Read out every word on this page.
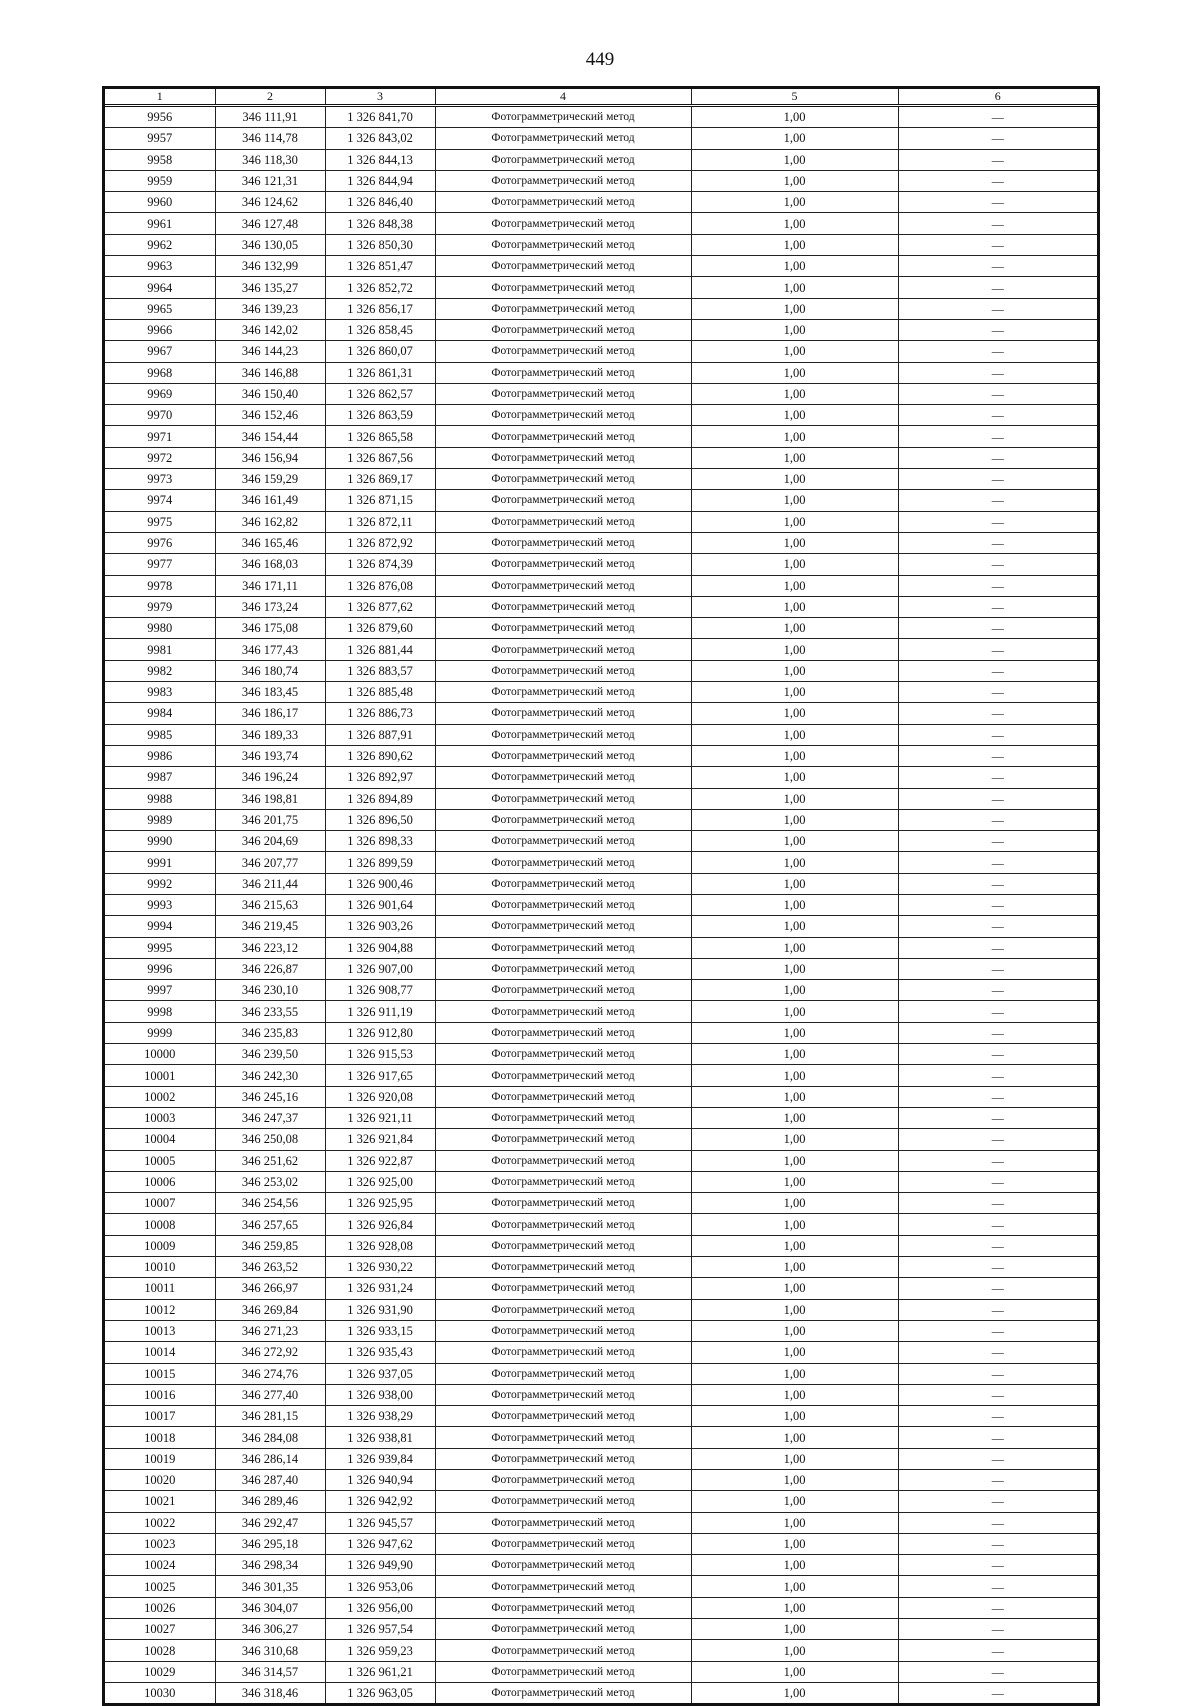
449
1	2	3	4	5	6
9956	346 111,91	1 326 841,70	Фотограмметрический метод	1,00	—
9957	346 114,78	1 326 843,02	Фотограмметрический метод	1,00	—
9958	346 118,30	1 326 844,13	Фотограмметрический метод	1,00	—
9959	346 121,31	1 326 844,94	Фотограмметрический метод	1,00	—
9960	346 124,62	1 326 846,40	Фотограмметрический метод	1,00	—
9961	346 127,48	1 326 848,38	Фотограмметрический метод	1,00	—
9962	346 130,05	1 326 850,30	Фотограмметрический метод	1,00	—
9963	346 132,99	1 326 851,47	Фотограмметрический метод	1,00	—
9964	346 135,27	1 326 852,72	Фотограмметрический метод	1,00	—
9965	346 139,23	1 326 856,17	Фотограмметрический метод	1,00	—
9966	346 142,02	1 326 858,45	Фотограмметрический метод	1,00	—
9967	346 144,23	1 326 860,07	Фотограмметрический метод	1,00	—
9968	346 146,88	1 326 861,31	Фотограмметрический метод	1,00	—
9969	346 150,40	1 326 862,57	Фотограмметрический метод	1,00	—
9970	346 152,46	1 326 863,59	Фотограмметрический метод	1,00	—
9971	346 154,44	1 326 865,58	Фотограмметрический метод	1,00	—
9972	346 156,94	1 326 867,56	Фотограмметрический метод	1,00	—
9973	346 159,29	1 326 869,17	Фотограмметрический метод	1,00	—
9974	346 161,49	1 326 871,15	Фотограмметрический метод	1,00	—
9975	346 162,82	1 326 872,11	Фотограмметрический метод	1,00	—
9976	346 165,46	1 326 872,92	Фотограмметрический метод	1,00	—
9977	346 168,03	1 326 874,39	Фотограмметрический метод	1,00	—
9978	346 171,11	1 326 876,08	Фотограмметрический метод	1,00	—
9979	346 173,24	1 326 877,62	Фотограмметрический метод	1,00	—
9980	346 175,08	1 326 879,60	Фотограмметрический метод	1,00	—
9981	346 177,43	1 326 881,44	Фотограмметрический метод	1,00	—
9982	346 180,74	1 326 883,57	Фотограмметрический метод	1,00	—
9983	346 183,45	1 326 885,48	Фотограмметрический метод	1,00	—
9984	346 186,17	1 326 886,73	Фотограмметрический метод	1,00	—
9985	346 189,33	1 326 887,91	Фотограмметрический метод	1,00	—
9986	346 193,74	1 326 890,62	Фотограмметрический метод	1,00	—
9987	346 196,24	1 326 892,97	Фотограмметрический метод	1,00	—
9988	346 198,81	1 326 894,89	Фотограмметрический метод	1,00	—
9989	346 201,75	1 326 896,50	Фотограмметрический метод	1,00	—
9990	346 204,69	1 326 898,33	Фотограмметрический метод	1,00	—
9991	346 207,77	1 326 899,59	Фотограмметрический метод	1,00	—
9992	346 211,44	1 326 900,46	Фотограмметрический метод	1,00	—
9993	346 215,63	1 326 901,64	Фотограмметрический метод	1,00	—
9994	346 219,45	1 326 903,26	Фотограмметрический метод	1,00	—
9995	346 223,12	1 326 904,88	Фотограмметрический метод	1,00	—
9996	346 226,87	1 326 907,00	Фотограмметрический метод	1,00	—
9997	346 230,10	1 326 908,77	Фотограмметрический метод	1,00	—
9998	346 233,55	1 326 911,19	Фотограмметрический метод	1,00	—
9999	346 235,83	1 326 912,80	Фотограмметрический метод	1,00	—
10000	346 239,50	1 326 915,53	Фотограмметрический метод	1,00	—
10001	346 242,30	1 326 917,65	Фотограмметрический метод	1,00	—
10002	346 245,16	1 326 920,08	Фотограмметрический метод	1,00	—
10003	346 247,37	1 326 921,11	Фотограмметрический метод	1,00	—
10004	346 250,08	1 326 921,84	Фотограмметрический метод	1,00	—
10005	346 251,62	1 326 922,87	Фотограмметрический метод	1,00	—
10006	346 253,02	1 326 925,00	Фотограмметрический метод	1,00	—
10007	346 254,56	1 326 925,95	Фотограмметрический метод	1,00	—
10008	346 257,65	1 326 926,84	Фотограмметрический метод	1,00	—
10009	346 259,85	1 326 928,08	Фотограмметрический метод	1,00	—
10010	346 263,52	1 326 930,22	Фотограмметрический метод	1,00	—
10011	346 266,97	1 326 931,24	Фотограмметрический метод	1,00	—
10012	346 269,84	1 326 931,90	Фотограмметрический метод	1,00	—
10013	346 271,23	1 326 933,15	Фотограмметрический метод	1,00	—
10014	346 272,92	1 326 935,43	Фотограмметрический метод	1,00	—
10015	346 274,76	1 326 937,05	Фотограмметрический метод	1,00	—
10016	346 277,40	1 326 938,00	Фотограмметрический метод	1,00	—
10017	346 281,15	1 326 938,29	Фотограмметрический метод	1,00	—
10018	346 284,08	1 326 938,81	Фотограмметрический метод	1,00	—
10019	346 286,14	1 326 939,84	Фотограмметрический метод	1,00	—
10020	346 287,40	1 326 940,94	Фотограмметрический метод	1,00	—
10021	346 289,46	1 326 942,92	Фотограмметрический метод	1,00	—
10022	346 292,47	1 326 945,57	Фотограмметрический метод	1,00	—
10023	346 295,18	1 326 947,62	Фотограмметрический метод	1,00	—
10024	346 298,34	1 326 949,90	Фотограмметрический метод	1,00	—
10025	346 301,35	1 326 953,06	Фотограмметрический метод	1,00	—
10026	346 304,07	1 326 956,00	Фотограмметрический метод	1,00	—
10027	346 306,27	1 326 957,54	Фотограмметрический метод	1,00	—
10028	346 310,68	1 326 959,23	Фотограмметрический метод	1,00	—
10029	346 314,57	1 326 961,21	Фотограмметрический метод	1,00	—
10030	346 318,46	1 326 963,05	Фотограмметрический метод	1,00	—
